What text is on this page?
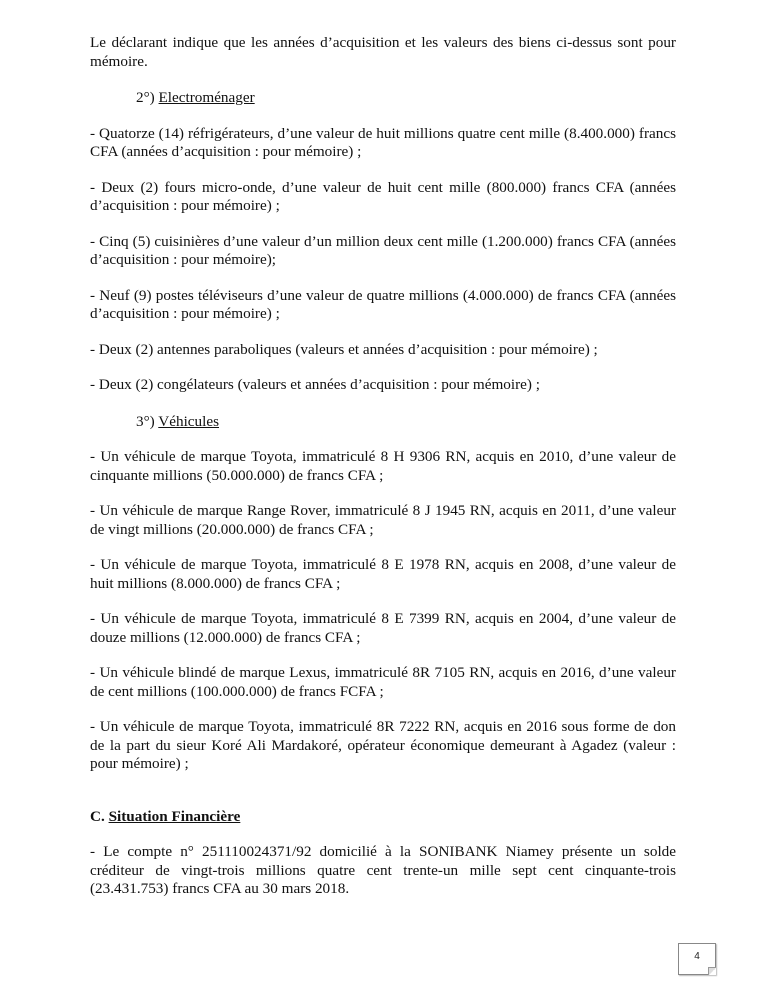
Le déclarant indique que les années d’acquisition et les valeurs des biens ci-dessus sont pour mémoire.

2°) Electroménager

- Quatorze (14) réfrigérateurs, d’une valeur de huit millions quatre cent mille (8.400.000) francs CFA (années d’acquisition : pour mémoire) ;

- Deux (2) fours micro-onde, d’une valeur de huit cent mille (800.000) francs CFA (années d’acquisition : pour mémoire) ;

- Cinq (5) cuisinières d’une valeur d’un million deux cent mille (1.200.000) francs CFA (années d’acquisition : pour mémoire);

- Neuf (9) postes téléviseurs d’une valeur de quatre millions (4.000.000) de francs CFA (années d’acquisition : pour mémoire) ;

- Deux (2) antennes paraboliques (valeurs et années d’acquisition : pour mémoire) ;

- Deux (2) congélateurs (valeurs et années d’acquisition : pour mémoire) ;

3°) Véhicules

- Un véhicule de marque Toyota, immatriculé 8 H 9306 RN, acquis en 2010, d’une valeur de cinquante millions (50.000.000) de francs CFA ;

- Un véhicule de marque Range Rover, immatriculé 8 J 1945 RN, acquis en 2011, d’une valeur de vingt millions (20.000.000) de francs CFA ;

- Un véhicule de marque Toyota, immatriculé 8 E 1978 RN, acquis en 2008, d’une valeur de huit millions (8.000.000) de francs CFA ;

- Un véhicule de marque Toyota, immatriculé 8 E 7399 RN, acquis en 2004, d’une valeur de douze millions (12.000.000) de francs CFA ;

- Un véhicule blindé de marque Lexus, immatriculé 8R 7105 RN, acquis en 2016, d’une valeur de cent millions (100.000.000) de francs FCFA ;

- Un véhicule de marque Toyota, immatriculé 8R 7222 RN, acquis en 2016 sous forme de don de la part du sieur Koré Ali Mardakoré, opérateur économique demeurant à Agadez (valeur : pour mémoire) ;

C. Situation Financière

- Le compte n° 251110024371/92 domicilié à la SONIBANK Niamey présente un solde créditeur de vingt-trois millions quatre cent trente-un mille sept cent cinquante-trois (23.431.753) francs CFA au 30 mars 2018.

4
